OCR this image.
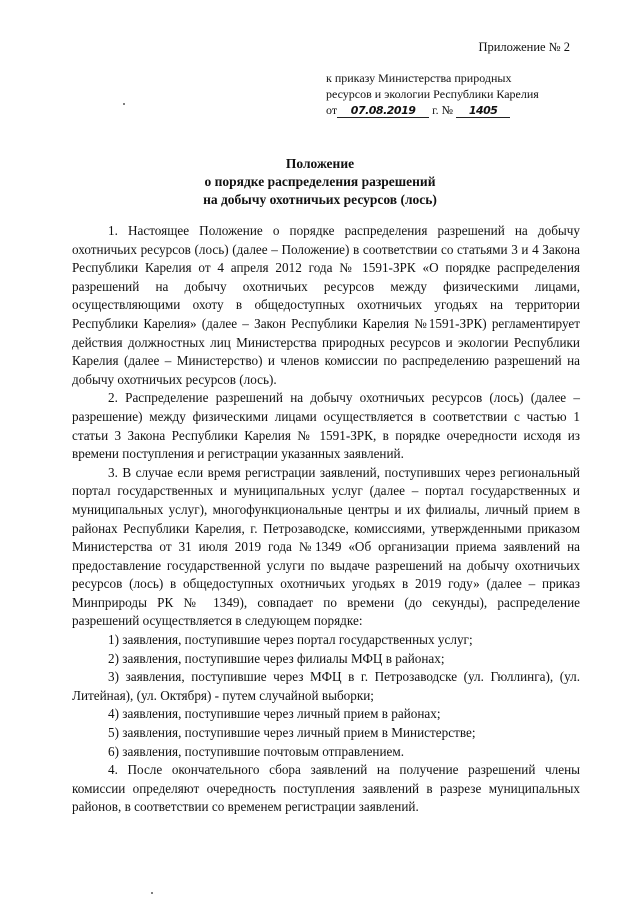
Приложение № 2
к приказу Министерства природных
ресурсов и экологии Республики Карелия
от 07.08.2019 г. № 1405
Положение
о порядке распределения разрешений
на добычу охотничьих ресурсов (лось)

1. Настоящее Положение о порядке распределения разрешений на добычу охотничьих ресурсов (лось) (далее – Положение) в соответствии со статьями 3 и 4 Закона Республики Карелия от 4 апреля 2012 года № 1591-ЗРК «О порядке распределения разрешений на добычу охотничьих ресурсов между физическими лицами, осуществляющими охоту в общедоступных охотничьих угодьях на территории Республики Карелия» (далее – Закон Республики Карелия №1591-ЗРК) регламентирует действия должностных лиц Министерства природных ресурсов и экологии Республики Карелия (далее – Министерство) и членов комиссии по распределению разрешений на добычу охотничьих ресурсов (лось).

2. Распределение разрешений на добычу охотничьих ресурсов (лось) (далее – разрешение) между физическими лицами осуществляется в соответствии с частью 1 статьи 3 Закона Республики Карелия № 1591-ЗРК, в порядке очередности исходя из времени поступления и регистрации указанных заявлений.

3. В случае если время регистрации заявлений, поступивших через региональный портал государственных и муниципальных услуг (далее – портал государственных и муниципальных услуг), многофункциональные центры и их филиалы, личный прием в районах Республики Карелия, г. Петрозаводске, комиссиями, утвержденными приказом Министерства от 31 июля 2019 года №1349 «Об организации приема заявлений на предоставление государственной услуги по выдаче разрешений на добычу охотничьих ресурсов (лось) в общедоступных охотничьих угодьях в 2019 году» (далее – приказ Минприроды РК № 1349), совпадает по времени (до секунды), распределение разрешений осуществляется в следующем порядке:

1) заявления, поступившие через портал государственных услуг;
2) заявления, поступившие через филиалы МФЦ в районах;
3) заявления, поступившие через МФЦ в г. Петрозаводске (ул. Гюллинга), (ул. Литейная), (ул. Октября) - путем случайной выборки;
4) заявления, поступившие через личный прием в районах;
5) заявления, поступившие через личный прием в Министерстве;
6) заявления, поступившие почтовым отправлением.

4. После окончательного сбора заявлений на получение разрешений члены комиссии определяют очередность поступления заявлений в разрезе муниципальных районов, в соответствии со временем регистрации заявлений.
